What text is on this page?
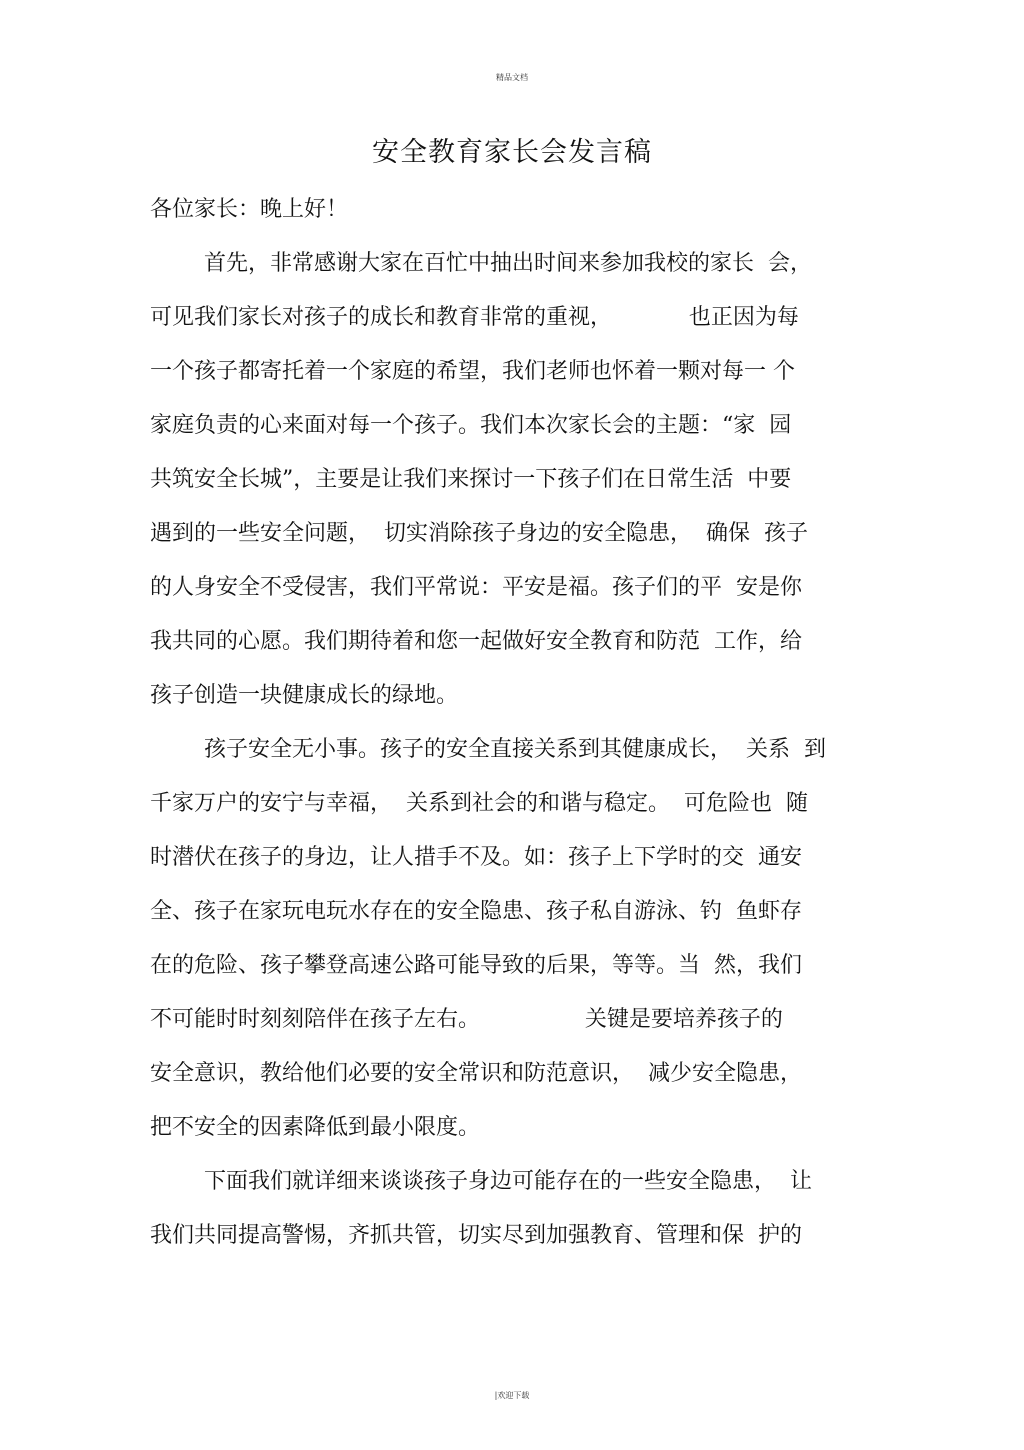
精品文档
安全教育家长会发言稿
各位家长：晚上好！
首先，非常感谢大家在百忙中抽出时间来参加我校的家长  会，
可见我们家长对孩子的成长和教育非常的重视，           也正因为每
一个孩子都寄托着一个家庭的希望，我们老师也怀着一颗对每一 个
家庭负责的心来面对每一个孩子。我们本次家长会的主题：“家  园
共筑安全长城”，主要是让我们来探讨一下孩子们在日常生活  中要
遇到的一些安全问题，  切实消除孩子身边的安全隐患，  确保  孩子
的人身安全不受侵害，我们平常说：平安是福。孩子们的平  安是你
我共同的心愿。我们期待着和您一起做好安全教育和防范  工作，给
孩子创造一块健康成长的绿地。
孩子安全无小事。孩子的安全直接关系到其健康成长，  关系  到
千家万户的安宁与幸福，  关系到社会的和谐与稳定。  可危险也  随
时潜伏在孩子的身边，让人措手不及。如：孩子上下学时的交  通安
全、孩子在家玩电玩水存在的安全隐患、孩子私自游泳、钓  鱼虾存
在的危险、孩子攀登高速公路可能导致的后果，等等。当  然，我们
不可能时时刻刻陪伴在孩子左右。               关键是要培养孩子的
安全意识，教给他们必要的安全常识和防范意识，  减少安全隐患，
把不安全的因素降低到最小限度。
下面我们就详细来谈谈孩子身边可能存在的一些安全隐患，  让
我们共同提高警惕，齐抓共管，切实尽到加强教育、管理和保  护的
|欢迎下载
